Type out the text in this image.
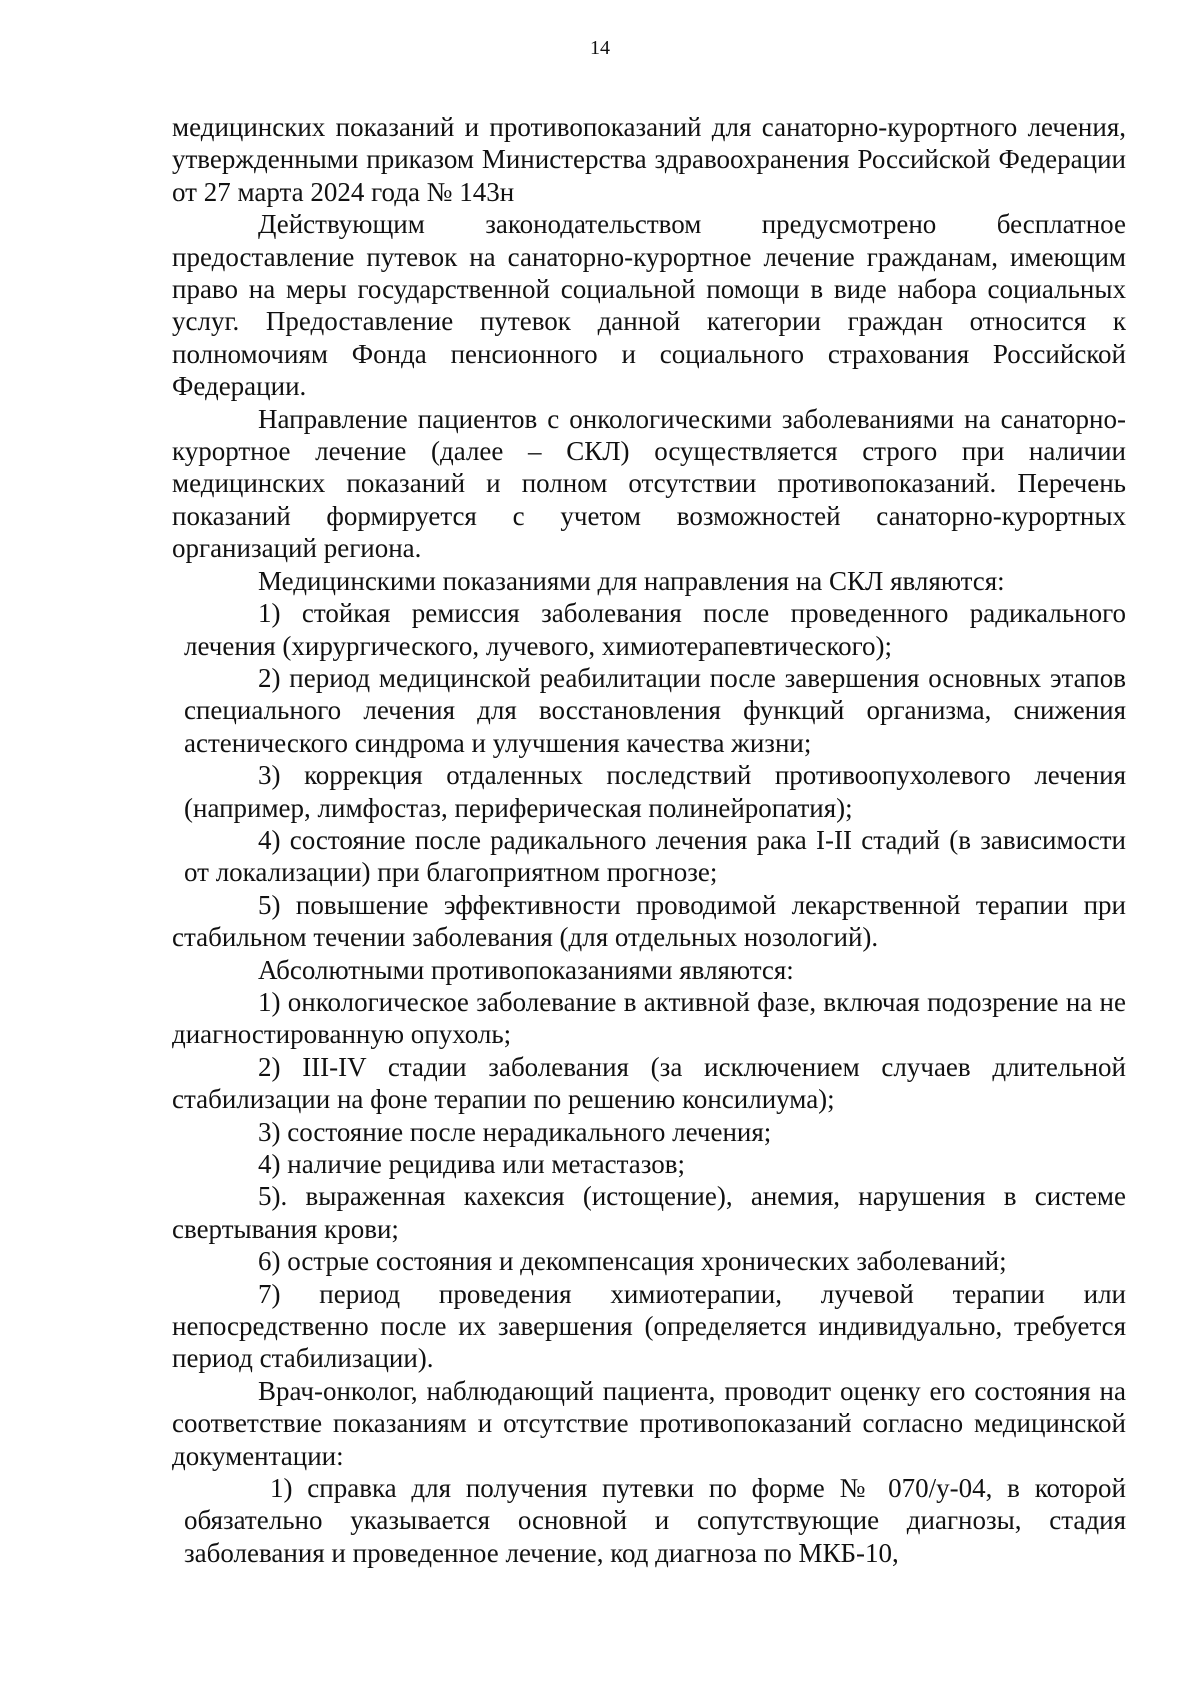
14

медицинских показаний и противопоказаний для санаторно-курортного лечения, утвержденными приказом Министерства здравоохранения Российской Федерации от 27 марта 2024 года № 143н

Действующим законодательством предусмотрено бесплатное предоставление путевок на санаторно-курортное лечение гражданам, имеющим право на меры государственной социальной помощи в виде набора социальных услуг. Предоставление путевок данной категории граждан относится к полномочиям Фонда пенсионного и социального страхования Российской Федерации.

Направление пациентов с онкологическими заболеваниями на санаторно-курортное лечение (далее – СКЛ) осуществляется строго при наличии медицинских показаний и полном отсутствии противопоказаний. Перечень показаний формируется с учетом возможностей санаторно-курортных организаций региона.

Медицинскими показаниями для направления на СКЛ являются:

1) стойкая ремиссия заболевания после проведенного радикального лечения (хирургического, лучевого, химиотерапевтического);

2) период медицинской реабилитации после завершения основных этапов специального лечения для восстановления функций организма, снижения астенического синдрома и улучшения качества жизни;

3) коррекция отдаленных последствий противоопухолевого лечения (например, лимфостаз, периферическая полинейропатия);

4) состояние после радикального лечения рака I-II стадий (в зависимости от локализации) при благоприятном прогнозе;

5) повышение эффективности проводимой лекарственной терапии при стабильном течении заболевания (для отдельных нозологий).

Абсолютными противопоказаниями являются:

1) онкологическое заболевание в активной фазе, включая подозрение на не диагностированную опухоль;

2) III-IV стадии заболевания (за исключением случаев длительной стабилизации на фоне терапии по решению консилиума);

3) состояние после нерадикального лечения;

4) наличие рецидива или метастазов;

5). выраженная кахексия (истощение), анемия, нарушения в системе свертывания крови;

6) острые состояния и декомпенсация хронических заболеваний;

7) период проведения химиотерапии, лучевой терапии или непосредственно после их завершения (определяется индивидуально, требуется период стабилизации).

Врач-онколог, наблюдающий пациента, проводит оценку его состояния на соответствие показаниям и отсутствие противопоказаний согласно медицинской документации:

1) справка для получения путевки по форме № 070/у-04, в которой обязательно указывается основной и сопутствующие диагнозы, стадия заболевания и проведенное лечение, код диагноза по МКБ-10,
